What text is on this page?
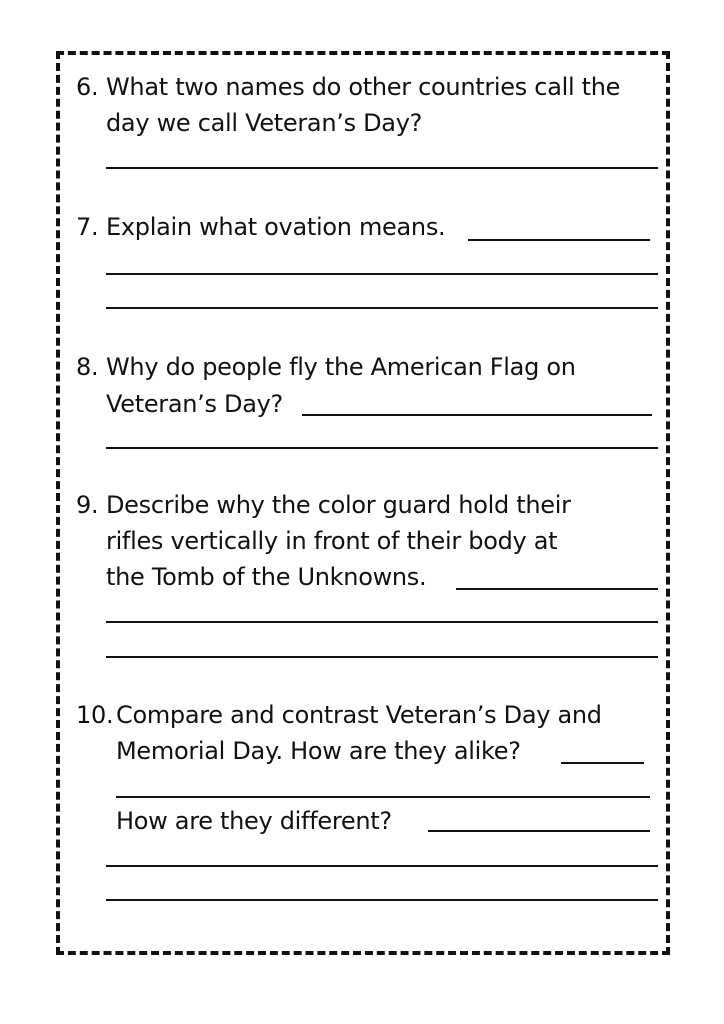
6. What two names do other countries call the
day we call Veteran’s Day?
7. Explain what ovation means.
8. Why do people fly the American Flag on
Veteran’s Day?
9. Describe why the color guard hold their
rifles vertically in front of their body at
the Tomb of the Unknowns.
10. Compare and contrast Veteran’s Day and
Memorial Day. How are they alike?
How are they different?
